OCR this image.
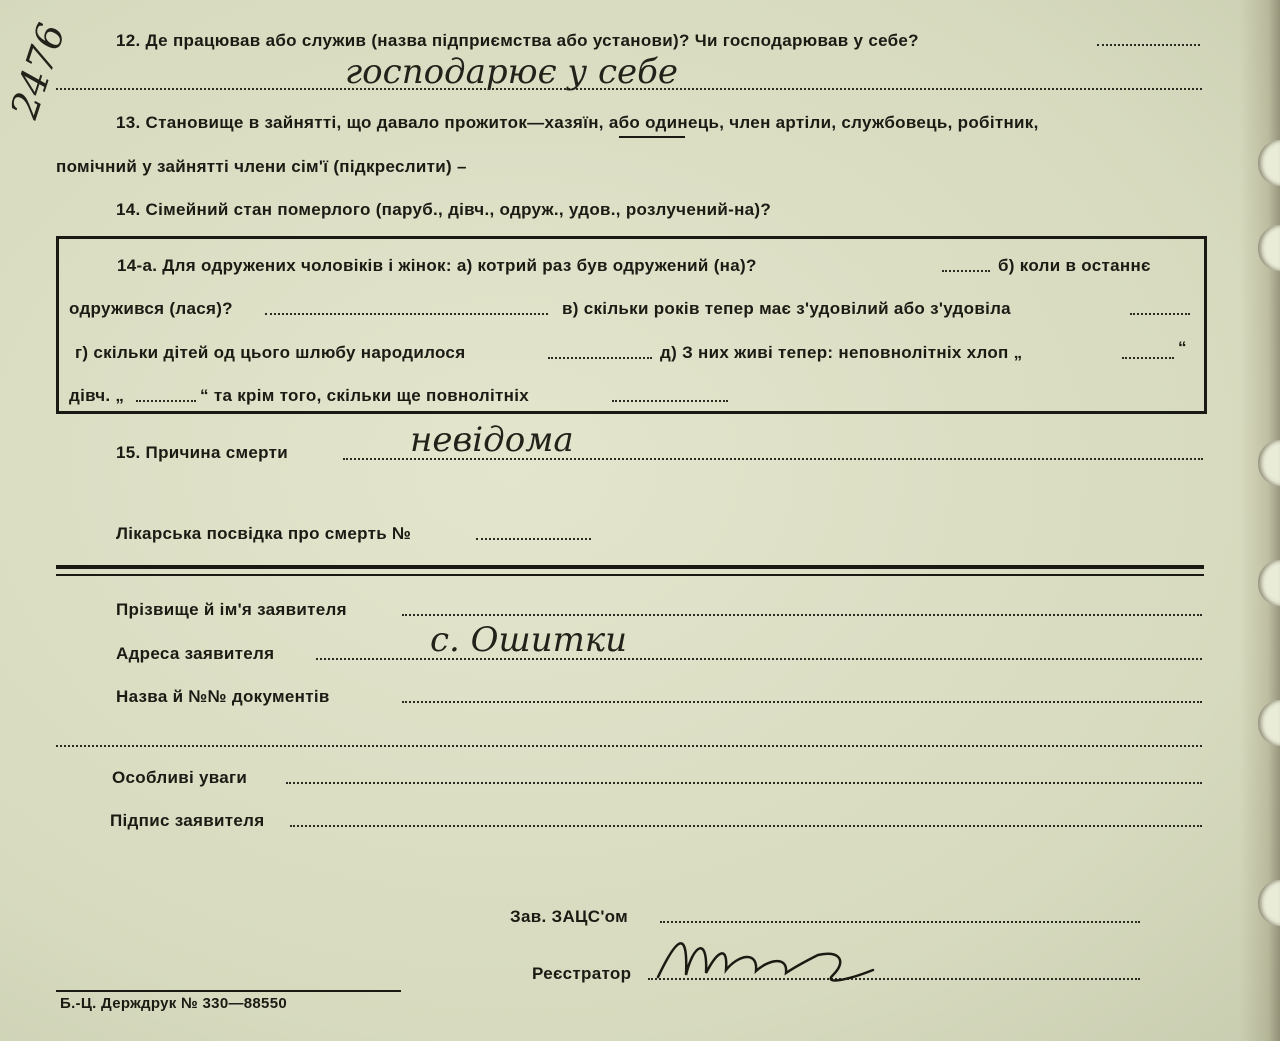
2476 12. Де працював або служив (назва підприємства або установи)? Чи господарював у себе?
господарює у себе
13. Становище в зайнятті, що давало прожиток—хазяїн, або одинець, член артіли, службовець, робітник,
помічний у зайнятті члени сім'ї (підкреслити) –
14. Сімейний стан померлого (паруб., дівч., одруж., удов., розлучений-на)?
14-а. Для одружених чоловіків і жінок: а) котрий раз був одружений (на)?	б) коли в останнє
одружився (лася)?	в) скільки років тепер має з'удовілий або з'удовіла
г) скільки дітей од цього шлюбу народилося	д) З них живі тепер: неповнолітніх хлоп „	“
дівч. „	“ та крім того, скільки ще повнолітніх
15. Причина смерти	невідома
Лікарська посвідка про смерть №
Прізвище й ім'я заявителя
Адреса заявителя	с. Ошитки
Назва й №№ документів
Особливі уваги
Підпис заявителя
Зав. ЗАЦС'ом
Реєстратор
Б.-Ц. Держдрук № 330—88550
